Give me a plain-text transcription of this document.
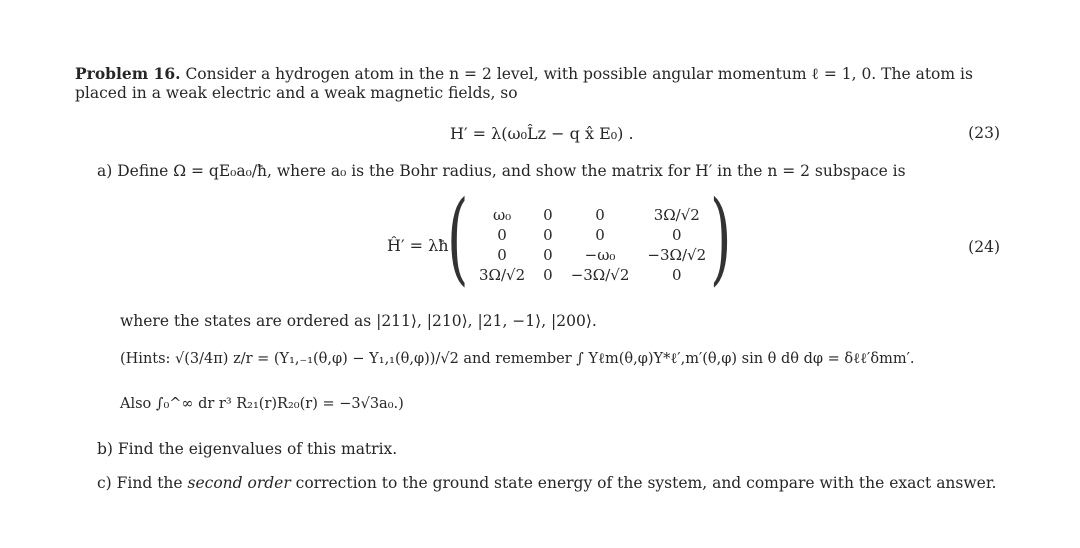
Problem 16. Consider a hydrogen atom in the n = 2 level, with possible angular momentum ℓ = 1, 0. The atom is
placed in a weak electric and a weak magnetic fields, so
H′ = λ(ω₀L̂z − q x̂ E₀) .	(23)
a) Define Ω = qE₀a₀/ħ, where a₀ is the Bohr radius, and show the matrix for H′ in the n = 2 subspace is
Ĥ′ = λħ
( ω₀	0	0	3Ω/√2
0	0	0	0
0	0	−ω₀	−3Ω/√2
3Ω/√2	0	−3Ω/√2	0 )	(24)
where the states are ordered as |211⟩, |210⟩, |21, −1⟩, |200⟩.
(Hints: √(3/4π) z/r = (Y₁,₋₁(θ,φ) − Y₁,₁(θ,φ))/√2 and remember ∫ Yℓm(θ,φ)Y*ℓ′,m′(θ,φ) sin θ dθ dφ = δℓℓ′δmm′.
Also ∫₀^∞ dr r³ R₂₁(r)R₂₀(r) = −3√3a₀.)
b) Find the eigenvalues of this matrix.
c) Find the second order correction to the ground state energy of the system, and compare with the exact answer.
